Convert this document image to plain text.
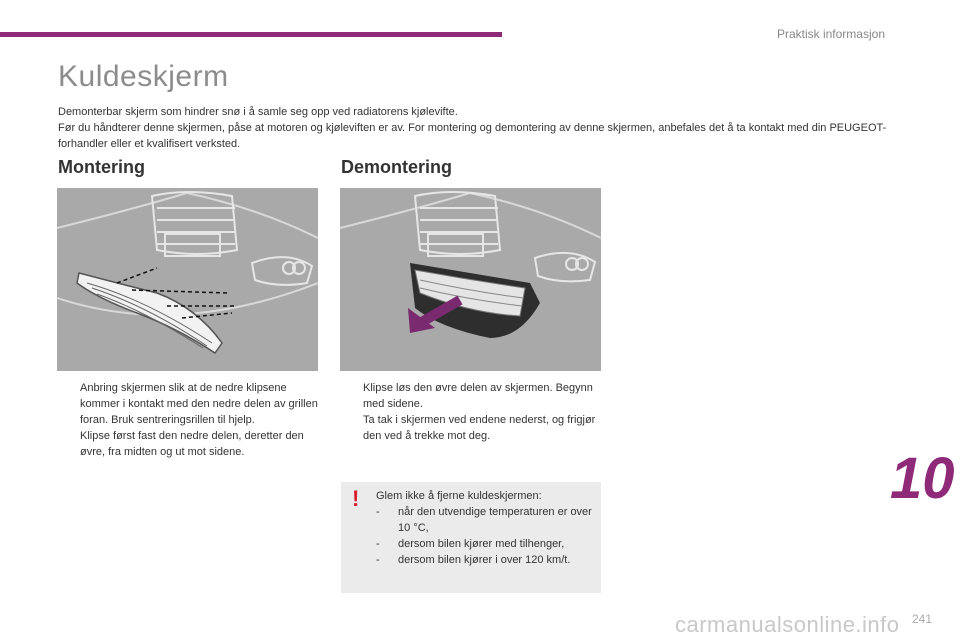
Praktisk informasjon
Kuldeskjerm

Demonterbar skjerm som hindrer snø i å samle seg opp ved radiatorens kjølevifte.

Før du håndterer denne skjermen, påse at motoren og kjøleviften er av. For montering og demontering av denne skjermen, anbefales det å ta kontakt med din PEUGEOT-forhandler eller et kvalifisert verksted.

Montering
Anbring skjermen slik at de nedre klipsene kommer i kontakt med den nedre delen av grillen foran. Bruk sentreringsrillen til hjelp.
Klipse først fast den nedre delen, deretter den øvre, fra midten og ut mot sidene.
Demontering
Klipse løs den øvre delen av skjermen. Begynn med sidene.
Ta tak i skjermen ved endene nederst, og frigjør den ved å trekke mot deg.
! Glem ikke å fjerne kuldeskjermen:
-	når den utvendige temperaturen er over 10 °C,
-	dersom bilen kjører med tilhenger,
-	dersom bilen kjører i over 120 km/t.
10
carmanualsonline.info 241
